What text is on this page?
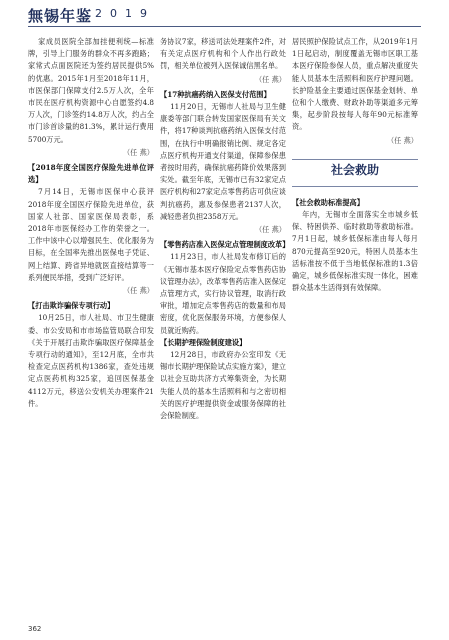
無锡年鉴 2019

家成员医院全部加挂便利统—标准牌，引导上门服务的群众不再多跑路；家常式点面医院还为签约居民提供5%的优惠。2015年1月至2018年11月，市医保部门保障支付2.5万人次，全年市民在医疗机构资源中心自愿签约4.8万人次，门诊签约14.8万人次，约占全市门诊首诊量的81.3%，累计运行费用5700万元。

（任 燕）

【2018年度全国医疗保险先进单位评选】

7月14日，无锡市医保中心获评2018年度全国医疗保险先进单位，获国家人社部、国家医保局表彰，系2018年市医保经办工作的荣誉之一。工作中该中心以增强民生、优化服务为目标，在全国率先推出医保电子凭证、网上结算、跨省异地就医直接结算等一系列便民举措，受到广泛好评。

（任 燕）

【打击欺诈骗保专项行动】

10月25日，市人社局、市卫生健康委、市公安局和市市场监管局联合印发《关于开展打击欺诈骗取医疗保障基金专项行动的通知》，至12月底，全市共检查定点医药机构1386家，查处违规定点医药机构325家，追回医保基金4112万元，移送公安机关办理案件21件。

务协议7家，移送司法处理案件2件，对有关定点医疗机构和个人作出行政处罚，相关单位被列入医保诚信黑名单。

（任 燕）

【17种抗癌药纳入医保支付范围】

11月20日，无锡市人社局与卫生健康委等部门联合转发国家医保局有关文件，将17种谈判抗癌药纳入医保支付范围，在执行中明确报销比例、规定各定点医疗机构开通支付渠道，保障参保患者按时用药，确保抗癌药降价效果落到实处。截至年底，无锡市已有32家定点医疗机构和27家定点零售药店可供应谈判抗癌药，惠及参保患者2137人次，减轻患者负担2358万元。

（任 燕）

【零售药店准入医保定点管理制度改革】

11月23日，市人社局发布修订后的《无锡市基本医疗保险定点零售药店协议管理办法》，改革零售药店准入医保定点管理方式，实行协议管理，取消行政审批，增加定点零售药店的数量和布局密度，优化医保服务环境，方便参保人员就近购药。

【长期护理保险制度建设】

12月28日，市政府办公室印发《无锡市长期护理保险试点实施方案》，建立以社会互助共济方式筹集资金，为长期失能人员的基本生活照料和与之密切相关的医疗护理提供资金或服务保障的社会保险制度。

居民照护保险试点工作，从2019年1月1日起启动，制度覆盖无锡市区职工基本医疗保险参保人员，重点解决重度失能人员基本生活照料和医疗护理问题。长护险基金主要通过医保基金划转、单位和个人缴费、财政补助等渠道多元筹集，起步阶段按每人每年90元标准筹资。

（任 燕）
社会救助

【社会救助标准提高】

年内，无锡市全面落实全市城乡低保、特困供养、临时救助等救助标准。7月1日起，城乡低保标准由每人每月870元提高至920元，特困人员基本生活标准按不低于当地低保标准的1.3倍确定，城乡低保标准实现一体化，困难群众基本生活得到有效保障。

362
